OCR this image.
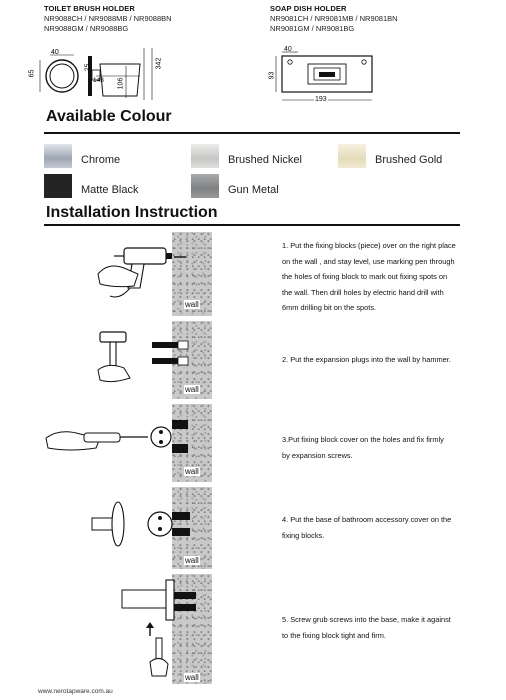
TOILET BRUSH HOLDER
NR9088CH / NR9088MB / NR9088BN
NR9088GM / NR9088BG
SOAP DISH HOLDER
NR9081CH / NR9081MB / NR9081BN
NR9081GM / NR9081BG
40
143
65
25
106
342
40
93
193
Available Colour
Chrome	Brushed Nickel	Brushed Gold
Matte Black	Gun Metal
Installation Instruction
wall
wall
wall
wall
wall
1. Put the fixing blocks (piece) over on the right place
on the wall , and stay level, use marking pen through
the holes of fixing block to mark out fixing spots on
the wall. Then drill holes by electric hand drill with
6mm drilling bit on the spots.
2. Put the expansion plugs into the wall by hammer.
3.Put fixing block cover on the holes and fix firmly
by expansion screws.
4. Put the base of bathroom accessory cover on the
fixing blocks.
5. Screw grub screws into the base, make it against
to the fixing block tight and firm.
www.nerotapware.com.au
